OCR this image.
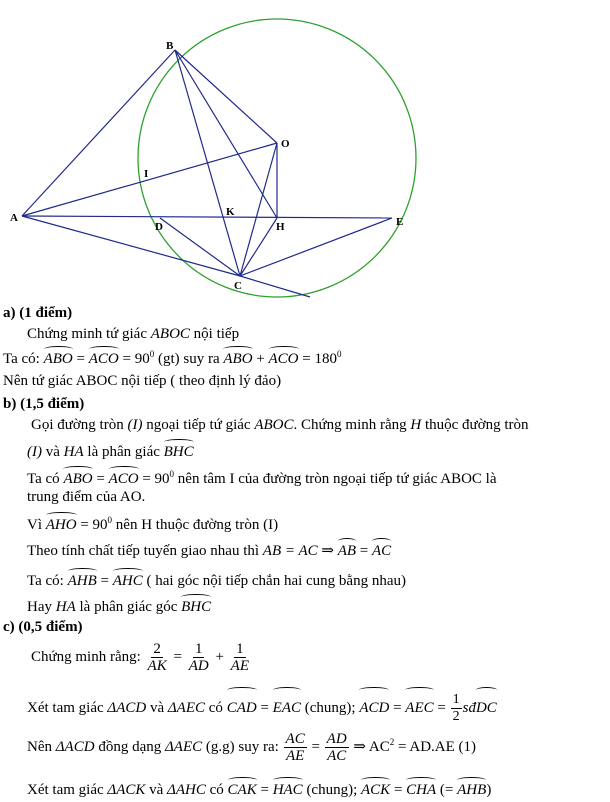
B
O
I
A	K
D	H	E
C
a) (1 điểm)
Chứng minh tứ giác ABOC nội tiếp
Ta có: ABO = ACO = $90^0$ (gt) suy ra ABO + ACO = $180^0$
Nên tứ giác ABOC nội tiếp ( theo định lý đảo)
b) (1,5 điểm)
Gọi đường tròn (I) ngoại tiếp tứ giác ABOC. Chứng minh rằng H thuộc đường tròn
(I) và HA là phân giác BHC
Ta có ABO = ACO = $90^0$ nên tâm I của đường tròn ngoại tiếp tứ giác ABOC là
trung điểm của AO.
Vì AHO = $90^0$ nên H thuộc đường tròn (I)
Theo tính chất tiếp tuyến giao nhau thì AB = AC ⇒ AB = AC
Ta có: AHB = AHC ( hai góc nội tiếp chắn hai cung bằng nhau)
Hay HA là phân giác góc BHC
c) (0,5 điểm)
Chứng minh rằng: $\frac{2}{AK} = \frac{1}{AD} + \frac{1}{AE}$
Xét tam giác ΔACD và ΔAEC có CAD = EAC (chung); ACD = AEC = $\frac{1}{2}$ sđDC
Nên ΔACD đồng dạng ΔAEC (g.g) suy ra: $\frac{AC}{AE} = \frac{AD}{AC}$ ⇒ $AC^2 = AD.AE$ (1)
Xét tam giác ΔACK và ΔAHC có CAK = HAC (chung); ACK = CHA (= AHB)
